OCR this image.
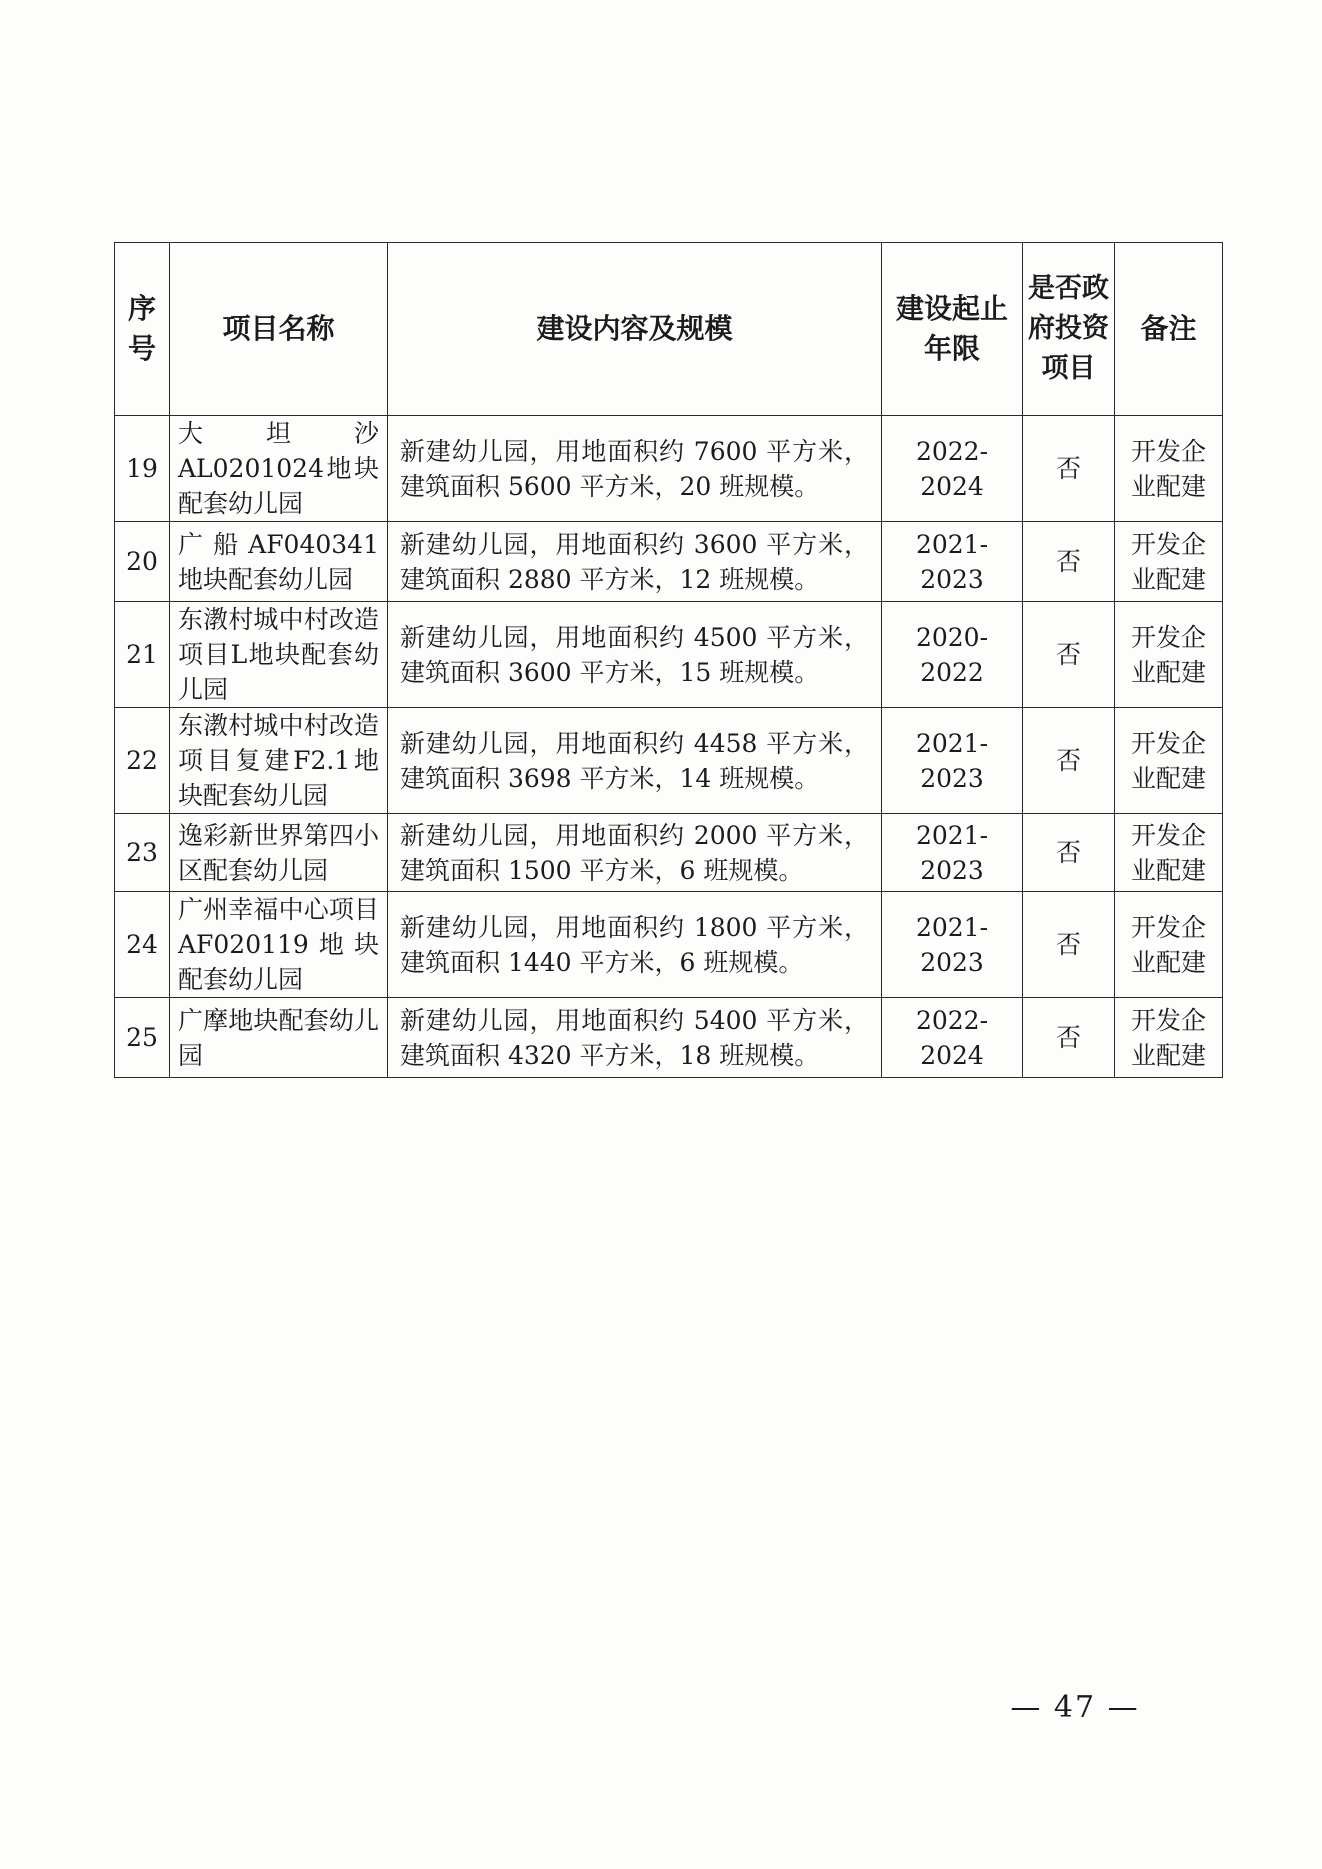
序号	项目名称	建设内容及规模	建设起止年限	是否政府投资项目	备注
19	大坦沙AL0201024地块配套幼儿园	新建幼儿园，用地面积约 7600 平方米，建筑面积 5600 平方米，20 班规模。	2022-2024	否	开发企业配建
20	广船AF040341地块配套幼儿园	新建幼儿园，用地面积约 3600 平方米，建筑面积 2880 平方米，12 班规模。	2021-2023	否	开发企业配建
21	东漖村城中村改造项目L地块配套幼儿园	新建幼儿园，用地面积约 4500 平方米，建筑面积 3600 平方米，15 班规模。	2020-2022	否	开发企业配建
22	东漖村城中村改造项目复建F2.1地块配套幼儿园	新建幼儿园，用地面积约 4458 平方米，建筑面积 3698 平方米，14 班规模。	2021-2023	否	开发企业配建
23	逸彩新世界第四小区配套幼儿园	新建幼儿园，用地面积约 2000 平方米，建筑面积 1500 平方米，6 班规模。	2021-2023	否	开发企业配建
24	广州幸福中心项目AF020119地块配套幼儿园	新建幼儿园，用地面积约 1800 平方米，建筑面积 1440 平方米，6 班规模。	2021-2023	否	开发企业配建
25	广摩地块配套幼儿园	新建幼儿园，用地面积约 5400 平方米，建筑面积 4320 平方米，18 班规模。	2022-2024	否	开发企业配建
— 47 —
